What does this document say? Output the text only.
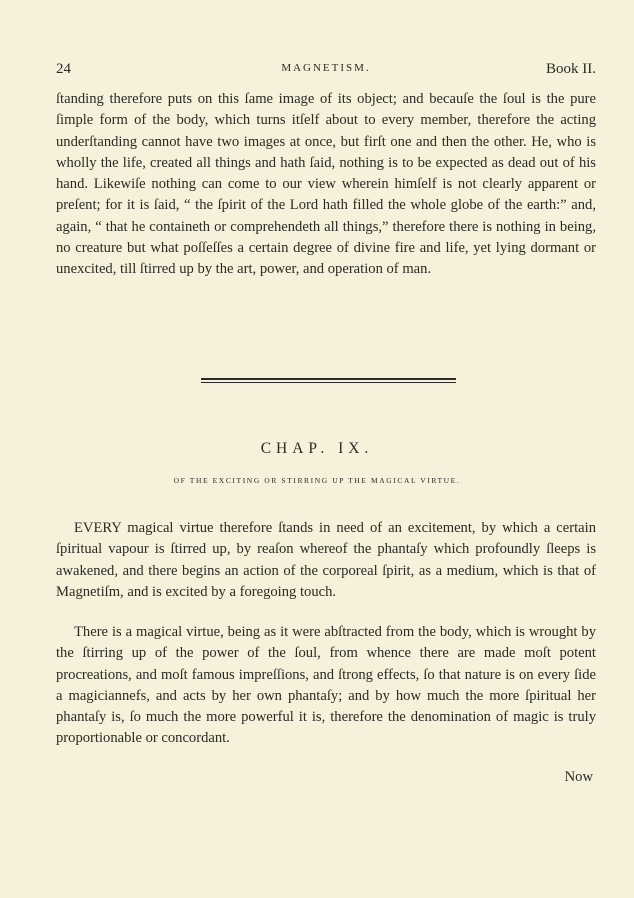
24	MAGNETISM.	Book II.

ſtanding therefore puts on this ſame image of its object; and becauſe the ſoul is the pure ſimple form of the body, which turns itſelf about to every member, therefore the acting underſtanding cannot have two images at once, but firſt one and then the other. He, who is wholly the life, created all things and hath ſaid, nothing is to be expected as dead out of his hand. Likewiſe nothing can come to our view wherein himſelf is not clearly apparent or preſent; for it is ſaid, “ the ſpirit of the Lord hath filled the whole globe of the earth:” and, again, “ that he containeth or comprehendeth all things,” therefore there is nothing in being, no creature but what poſſeſſes a certain degree of divine fire and life, yet lying dormant or unexcited, till ſtirred up by the art, power, and operation of man.

CHAP. IX.

OF THE EXCITING OR STIRRING UP THE MAGICAL VIRTUE.

EVERY magical virtue therefore ſtands in need of an excitement, by which a certain ſpiritual vapour is ſtirred up, by reaſon whereof the phantaſy which profoundly ſleeps is awakened, and there begins an action of the corporeal ſpirit, as a medium, which is that of Magnetiſm, and is excited by a foregoing touch.

There is a magical virtue, being as it were abſtracted from the body, which is wrought by the ſtirring up of the power of the ſoul, from whence there are made moſt potent procreations, and moſt famous impreſſions, and ſtrong effects, ſo that nature is on every ſide a magiciannefs, and acts by her own phantaſy; and by how much the more ſpiritual her phantaſy is, ſo much the more powerful it is, therefore the denomination of magic is truly proportionable or concordant.

Now
